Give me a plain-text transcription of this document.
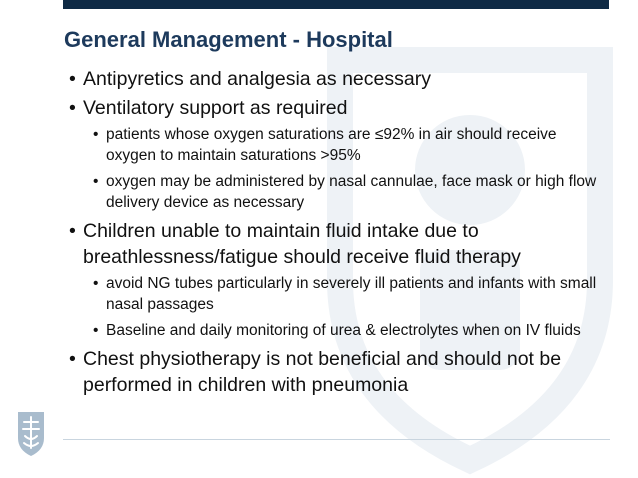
General Management - Hospital
• Antipyretics and analgesia as necessary
• Ventilatory support as required
• patients whose oxygen saturations are ≤92% in air should receive oxygen to maintain saturations >95%
• oxygen may be administered by nasal cannulae, face mask or high flow delivery device as necessary
• Children unable to maintain fluid intake due to breathlessness/fatigue should receive fluid therapy
• avoid NG tubes particularly in severely ill patients and infants with small nasal passages
• Baseline and daily monitoring of urea & electrolytes when on IV fluids
• Chest physiotherapy is not beneficial and should not be performed in children with pneumonia
